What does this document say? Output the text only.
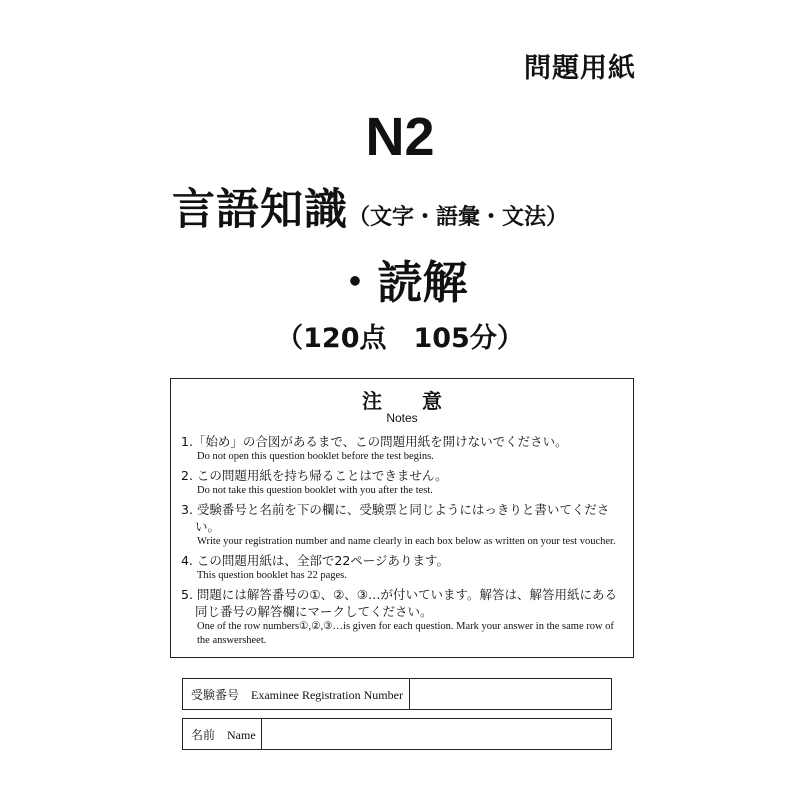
問題用紙
N2
言語知識（文字・語彙・文法）
・読解
（120点　105分）
注　　意
Notes
1.「始め」の合図があるまで、この問題用紙を開けないでください。
Do not open this question booklet before the test begins.
2. この問題用紙を持ち帰ることはできません。
Do not take this question booklet with you after the test.
3. 受験番号と名前を下の欄に、受験票と同じようにはっきりと書いてください。
Write your registration number and name clearly in each box below as written on your test voucher.
4. この問題用紙は、全部で22ページあります。
This question booklet has 22 pages.
5. 問題には解答番号の①、②、③…が付いています。解答は、解答用紙にある同じ番号の解答欄にマークしてください。
One of the row numbers①,②,③…is given for each question. Mark your answer in the same row of the answersheet.
受験番号　Examinee Registration Number
名前　Name
